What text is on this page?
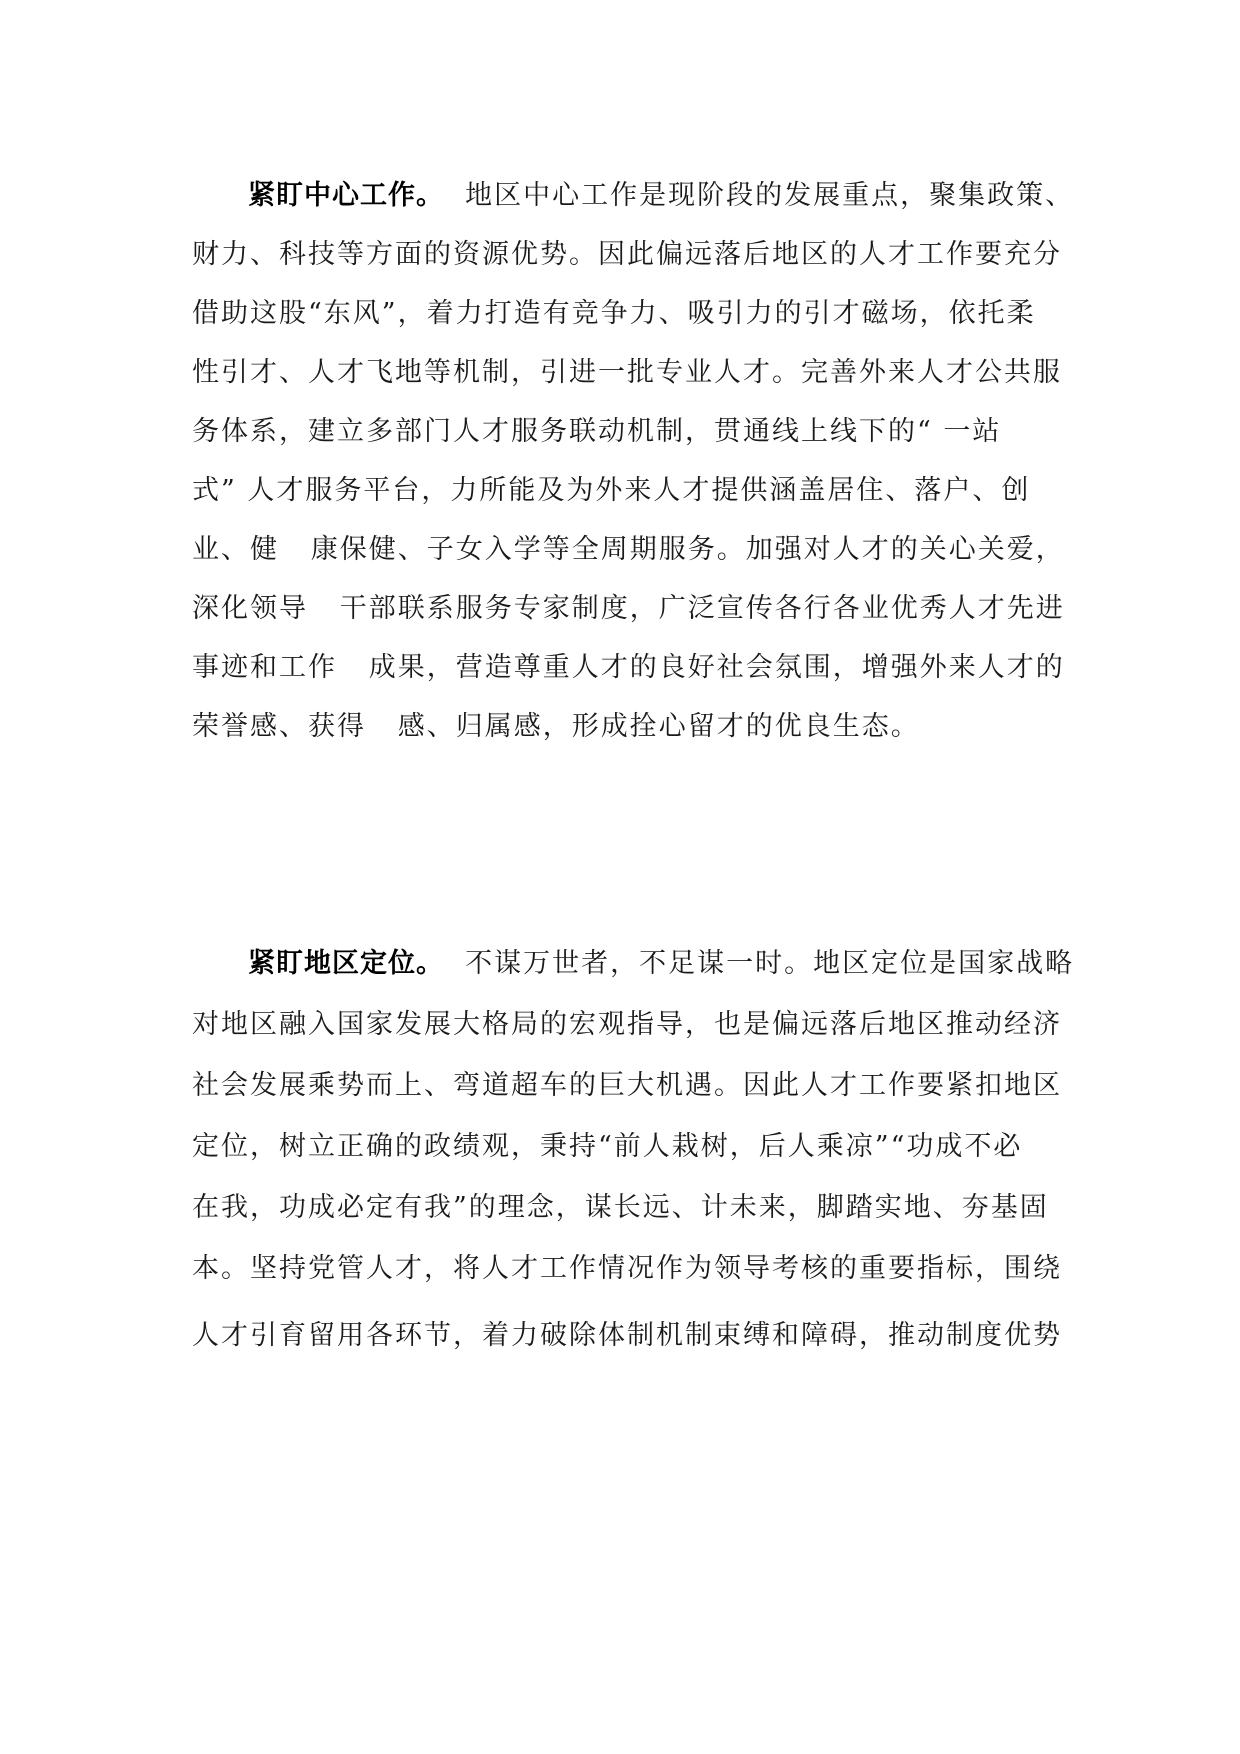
紧盯中心工作。  地区中心工作是现阶段的发展重点，聚集政策、
财力、科技等方面的资源优势。因此偏远落后地区的人才工作要充分
借助这股“东风”，着力打造有竞争力、吸引力的引才磁场，依托柔
性引才、人才飞地等机制，引进一批专业人才。完善外来人才公共服
务体系，建立多部门人才服务联动机制，贯通线上线下的“ 一站
式” 人才服务平台，力所能及为外来人才提供涵盖居住、落户、创
业、健   康保健、子女入学等全周期服务。加强对人才的关心关爱，
深化领导   干部联系服务专家制度，广泛宣传各行各业优秀人才先进
事迹和工作   成果，营造尊重人才的良好社会氛围，增强外来人才的
荣誉感、获得   感、归属感，形成拴心留才的优良生态。
紧盯地区定位。  不谋万世者，不足谋一时。地区定位是国家战略
对地区融入国家发展大格局的宏观指导，也是偏远落后地区推动经济
社会发展乘势而上、弯道超车的巨大机遇。因此人才工作要紧扣地区
定位，树立正确的政绩观，秉持“前人栽树，后人乘凉”“功成不必
在我，功成必定有我”的理念，谋长远、计未来，脚踏实地、夯基固
本。坚持党管人才，将人才工作情况作为领导考核的重要指标，围绕
人才引育留用各环节，着力破除体制机制束缚和障碍，推动制度优势
